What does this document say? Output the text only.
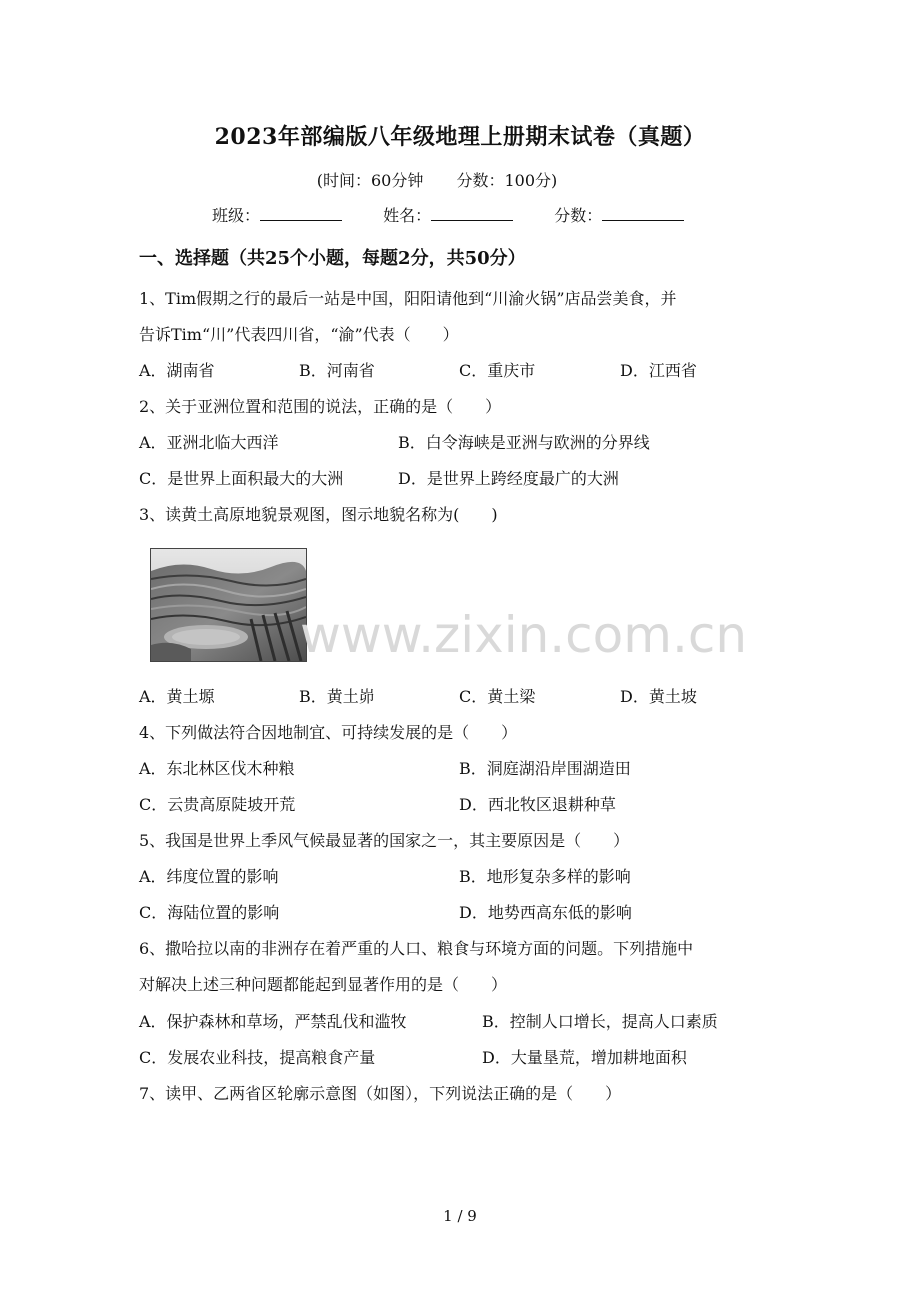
2023年部编版八年级地理上册期末试卷（真题）
(时间：60分钟 分数：100分)
班级：	姓名：	分数：
一、选择题（共25个小题，每题2分，共50分）
1、Tim假期之行的最后一站是中国，阳阳请他到“川渝火锅”店品尝美食，并
告诉Tim“川”代表四川省，“渝”代表（　　）
A．湖南省	B．河南省	C．重庆市	D．江西省
2、关于亚洲位置和范围的说法，正确的是（　　）
A．亚洲北临大西洋	B．白令海峡是亚洲与欧洲的分界线
C．是世界上面积最大的大洲	D．是世界上跨经度最广的大洲
3、读黄土高原地貌景观图，图示地貌名称为(　　)
www.zixin.com.cn
A．黄土塬	B．黄土峁	C．黄土梁	D．黄土坡
4、下列做法符合因地制宜、可持续发展的是（　　）
A．东北林区伐木种粮	B．洞庭湖沿岸围湖造田
C．云贵高原陡坡开荒	D．西北牧区退耕种草
5、我国是世界上季风气候最显著的国家之一，其主要原因是（　　）
A．纬度位置的影响	B．地形复杂多样的影响
C．海陆位置的影响	D．地势西高东低的影响
6、撒哈拉以南的非洲存在着严重的人口、粮食与环境方面的问题。下列措施中
对解决上述三种问题都能起到显著作用的是（　　）
A．保护森林和草场，严禁乱伐和滥牧	B．控制人口增长，提高人口素质
C．发展农业科技，提高粮食产量	D．大量垦荒，增加耕地面积
7、读甲、乙两省区轮廓示意图（如图），下列说法正确的是（　　）
1 / 9
